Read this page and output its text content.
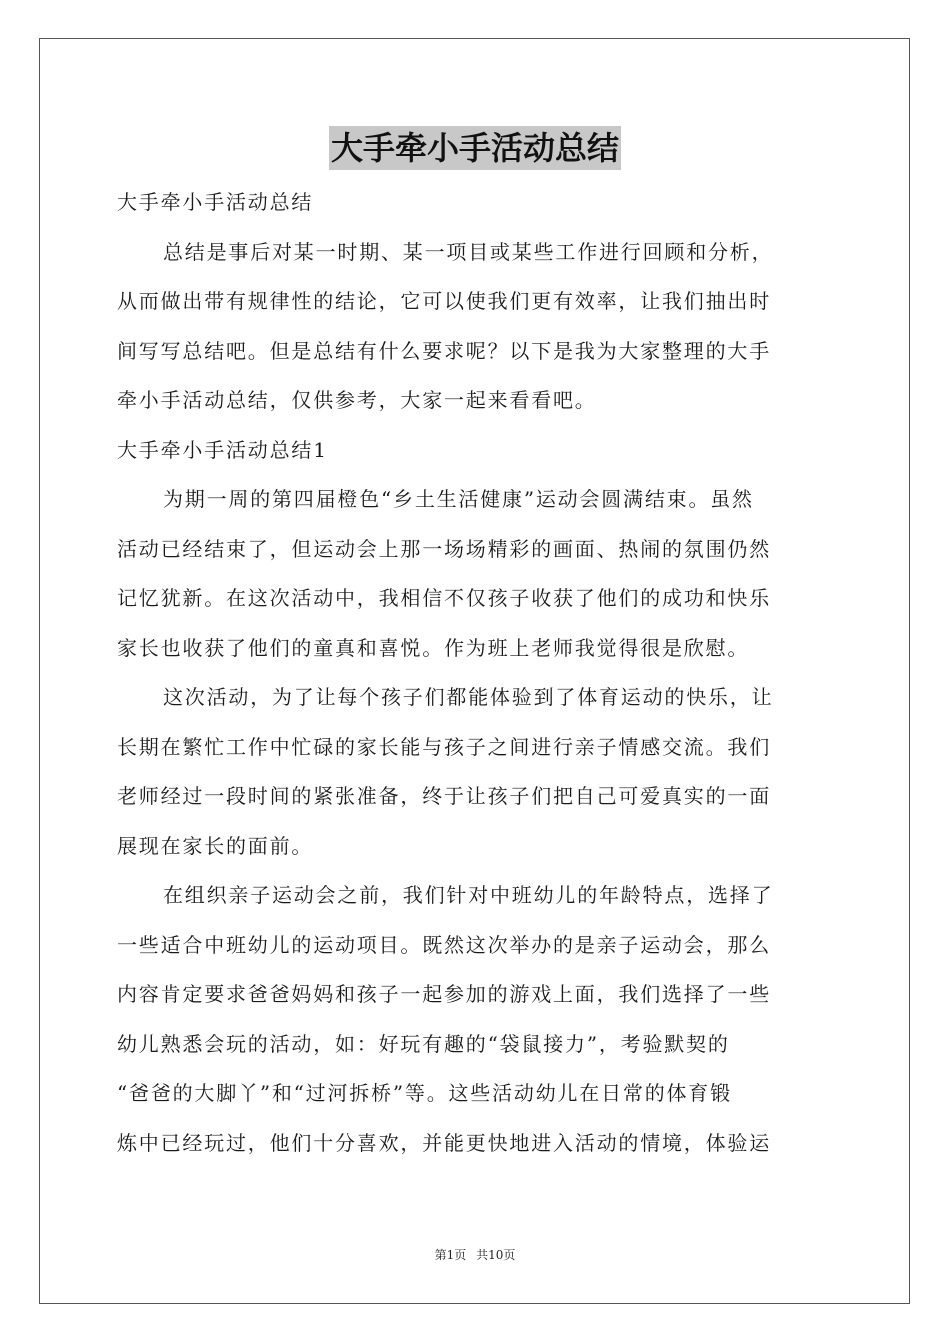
大手牵小手活动总结
大手牵小手活动总结
总结是事后对某一时期、某一项目或某些工作进行回顾和分析，
从而做出带有规律性的结论，它可以使我们更有效率，让我们抽出时
间写写总结吧。但是总结有什么要求呢？以下是我为大家整理的大手
牵小手活动总结，仅供参考，大家一起来看看吧。
大手牵小手活动总结1
为期一周的第四届橙色“乡土生活健康”运动会圆满结束。虽然
活动已经结束了，但运动会上那一场场精彩的画面、热闹的氛围仍然
记忆犹新。在这次活动中，我相信不仅孩子收获了他们的成功和快乐
家长也收获了他们的童真和喜悦。作为班上老师我觉得很是欣慰。
这次活动，为了让每个孩子们都能体验到了体育运动的快乐，让
长期在繁忙工作中忙碌的家长能与孩子之间进行亲子情感交流。我们
老师经过一段时间的紧张准备，终于让孩子们把自己可爱真实的一面
展现在家长的面前。
在组织亲子运动会之前，我们针对中班幼儿的年龄特点，选择了
一些适合中班幼儿的运动项目。既然这次举办的是亲子运动会，那么
内容肯定要求爸爸妈妈和孩子一起参加的游戏上面，我们选择了一些
幼儿熟悉会玩的活动，如：好玩有趣的“袋鼠接力”，考验默契的
“爸爸的大脚丫”和“过河拆桥”等。这些活动幼儿在日常的体育锻
炼中已经玩过，他们十分喜欢，并能更快地进入活动的情境，体验运
第1页 共10页
